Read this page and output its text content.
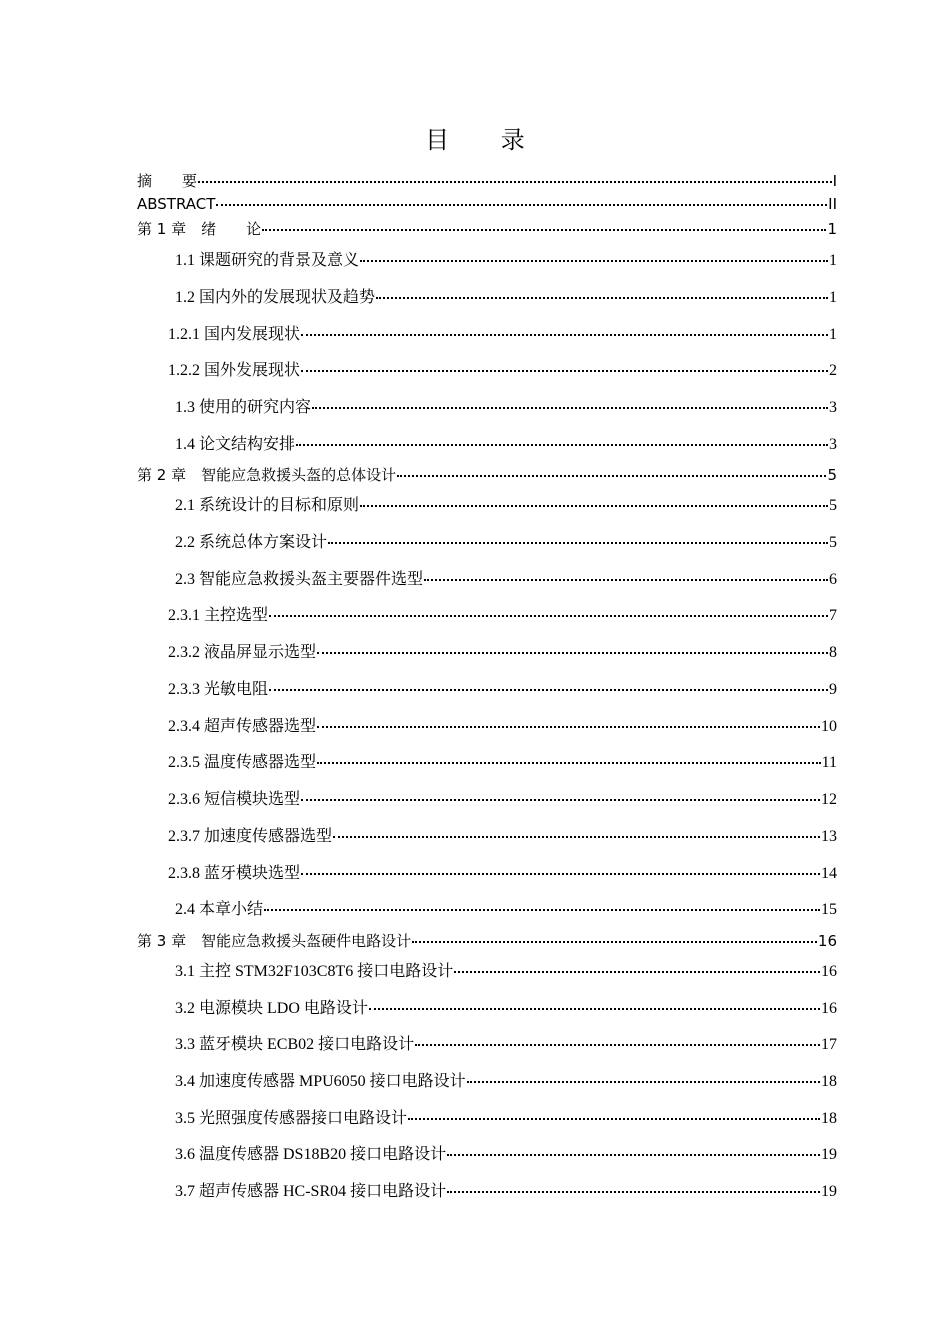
目 录
摘　　要	I
ABSTRACT	II
第 1 章　绪　　论	1
1.1 课题研究的背景及意义	1
1.2 国内外的发展现状及趋势	1
1.2.1 国内发展现状	1
1.2.2 国外发展现状	2
1.3 使用的研究内容	3
1.4 论文结构安排	3
第 2 章　智能应急救援头盔的总体设计	5
2.1 系统设计的目标和原则	5
2.2 系统总体方案设计	5
2.3 智能应急救援头盔主要器件选型	6
2.3.1 主控选型	7
2.3.2 液晶屏显示选型	8
2.3.3 光敏电阻	9
2.3.4 超声传感器选型	10
2.3.5 温度传感器选型	11
2.3.6 短信模块选型	12
2.3.7 加速度传感器选型	13
2.3.8 蓝牙模块选型	14
2.4 本章小结	15
第 3 章　智能应急救援头盔硬件电路设计	16
3.1 主控 STM32F103C8T6 接口电路设计	16
3.2 电源模块 LDO 电路设计	16
3.3 蓝牙模块 ECB02 接口电路设计	17
3.4 加速度传感器 MPU6050 接口电路设计	18
3.5 光照强度传感器接口电路设计	18
3.6 温度传感器 DS18B20 接口电路设计	19
3.7 超声传感器 HC-SR04 接口电路设计	19
